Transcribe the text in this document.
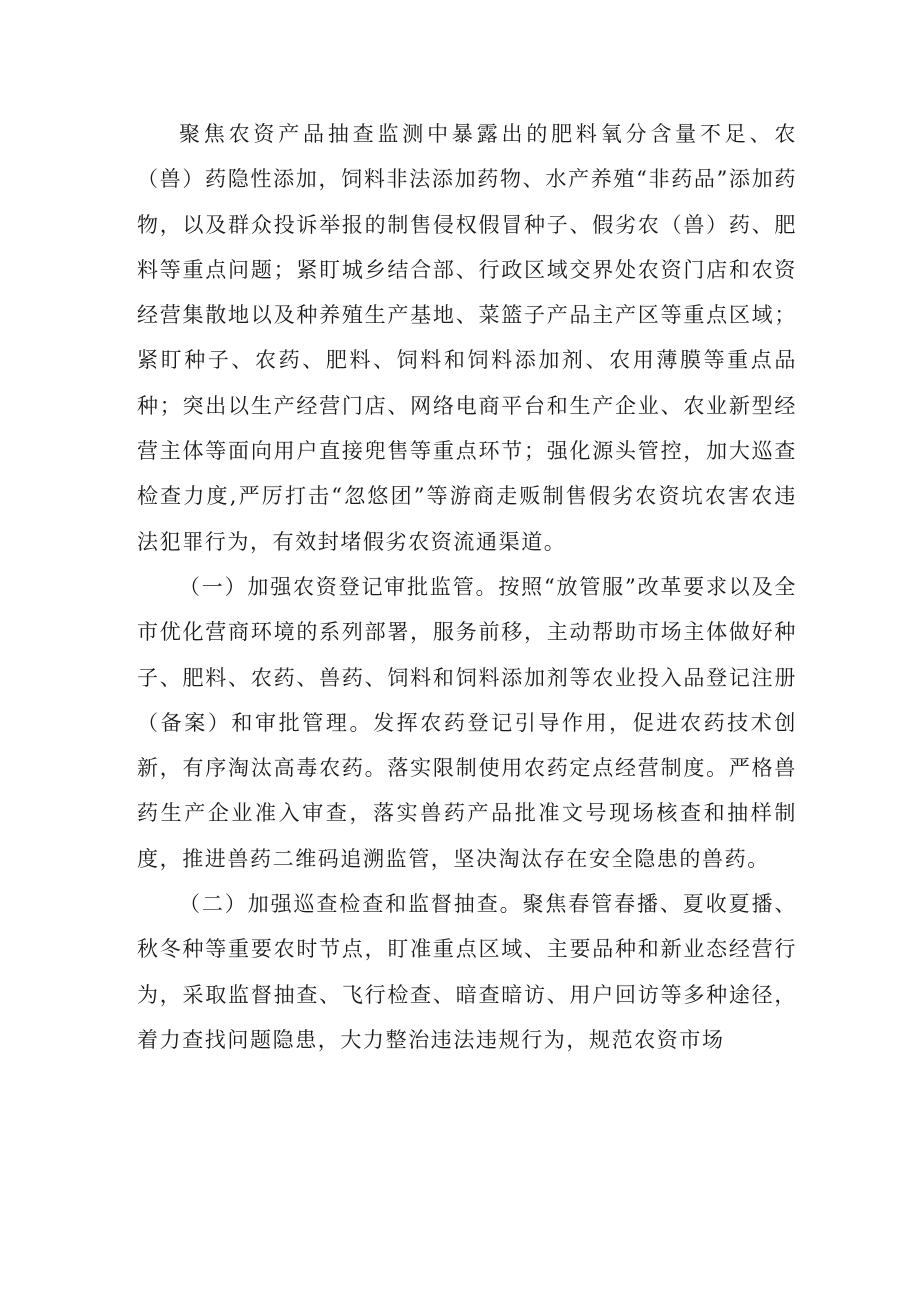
聚焦农资产品抽查监测中暴露出的肥料氧分含量不足、农（兽）药隐性添加，饲料非法添加药物、水产养殖“非药品”添加药物，以及群众投诉举报的制售侵权假冒种子、假劣农（兽）药、肥料等重点问题；紧盯城乡结合部、行政区域交界处农资门店和农资经营集散地以及种养殖生产基地、菜篮子产品主产区等重点区域；紧盯种子、农药、肥料、饲料和饲料添加剂、农用薄膜等重点品种；突出以生产经营门店、网络电商平台和生产企业、农业新型经营主体等面向用户直接兜售等重点环节；强化源头管控，加大巡查检查力度,严厉打击“忽悠团”等游商走贩制售假劣农资坑农害农违法犯罪行为，有效封堵假劣农资流通渠道。

（一）加强农资登记审批监管。按照“放管服”改革要求以及全市优化营商环境的系列部署，服务前移，主动帮助市场主体做好种子、肥料、农药、兽药、饲料和饲料添加剂等农业投入品登记注册（备案）和审批管理。发挥农药登记引导作用，促进农药技术创新，有序淘汰高毒农药。落实限制使用农药定点经营制度。严格兽药生产企业准入审查，落实兽药产品批准文号现场核查和抽样制度，推进兽药二维码追溯监管，坚决淘汰存在安全隐患的兽药。

（二）加强巡查检查和监督抽查。聚焦春管春播、夏收夏播、秋冬种等重要农时节点，盯准重点区域、主要品种和新业态经营行为，采取监督抽查、飞行检查、暗查暗访、用户回访等多种途径，着力查找问题隐患，大力整治违法违规行为，规范农资市场
